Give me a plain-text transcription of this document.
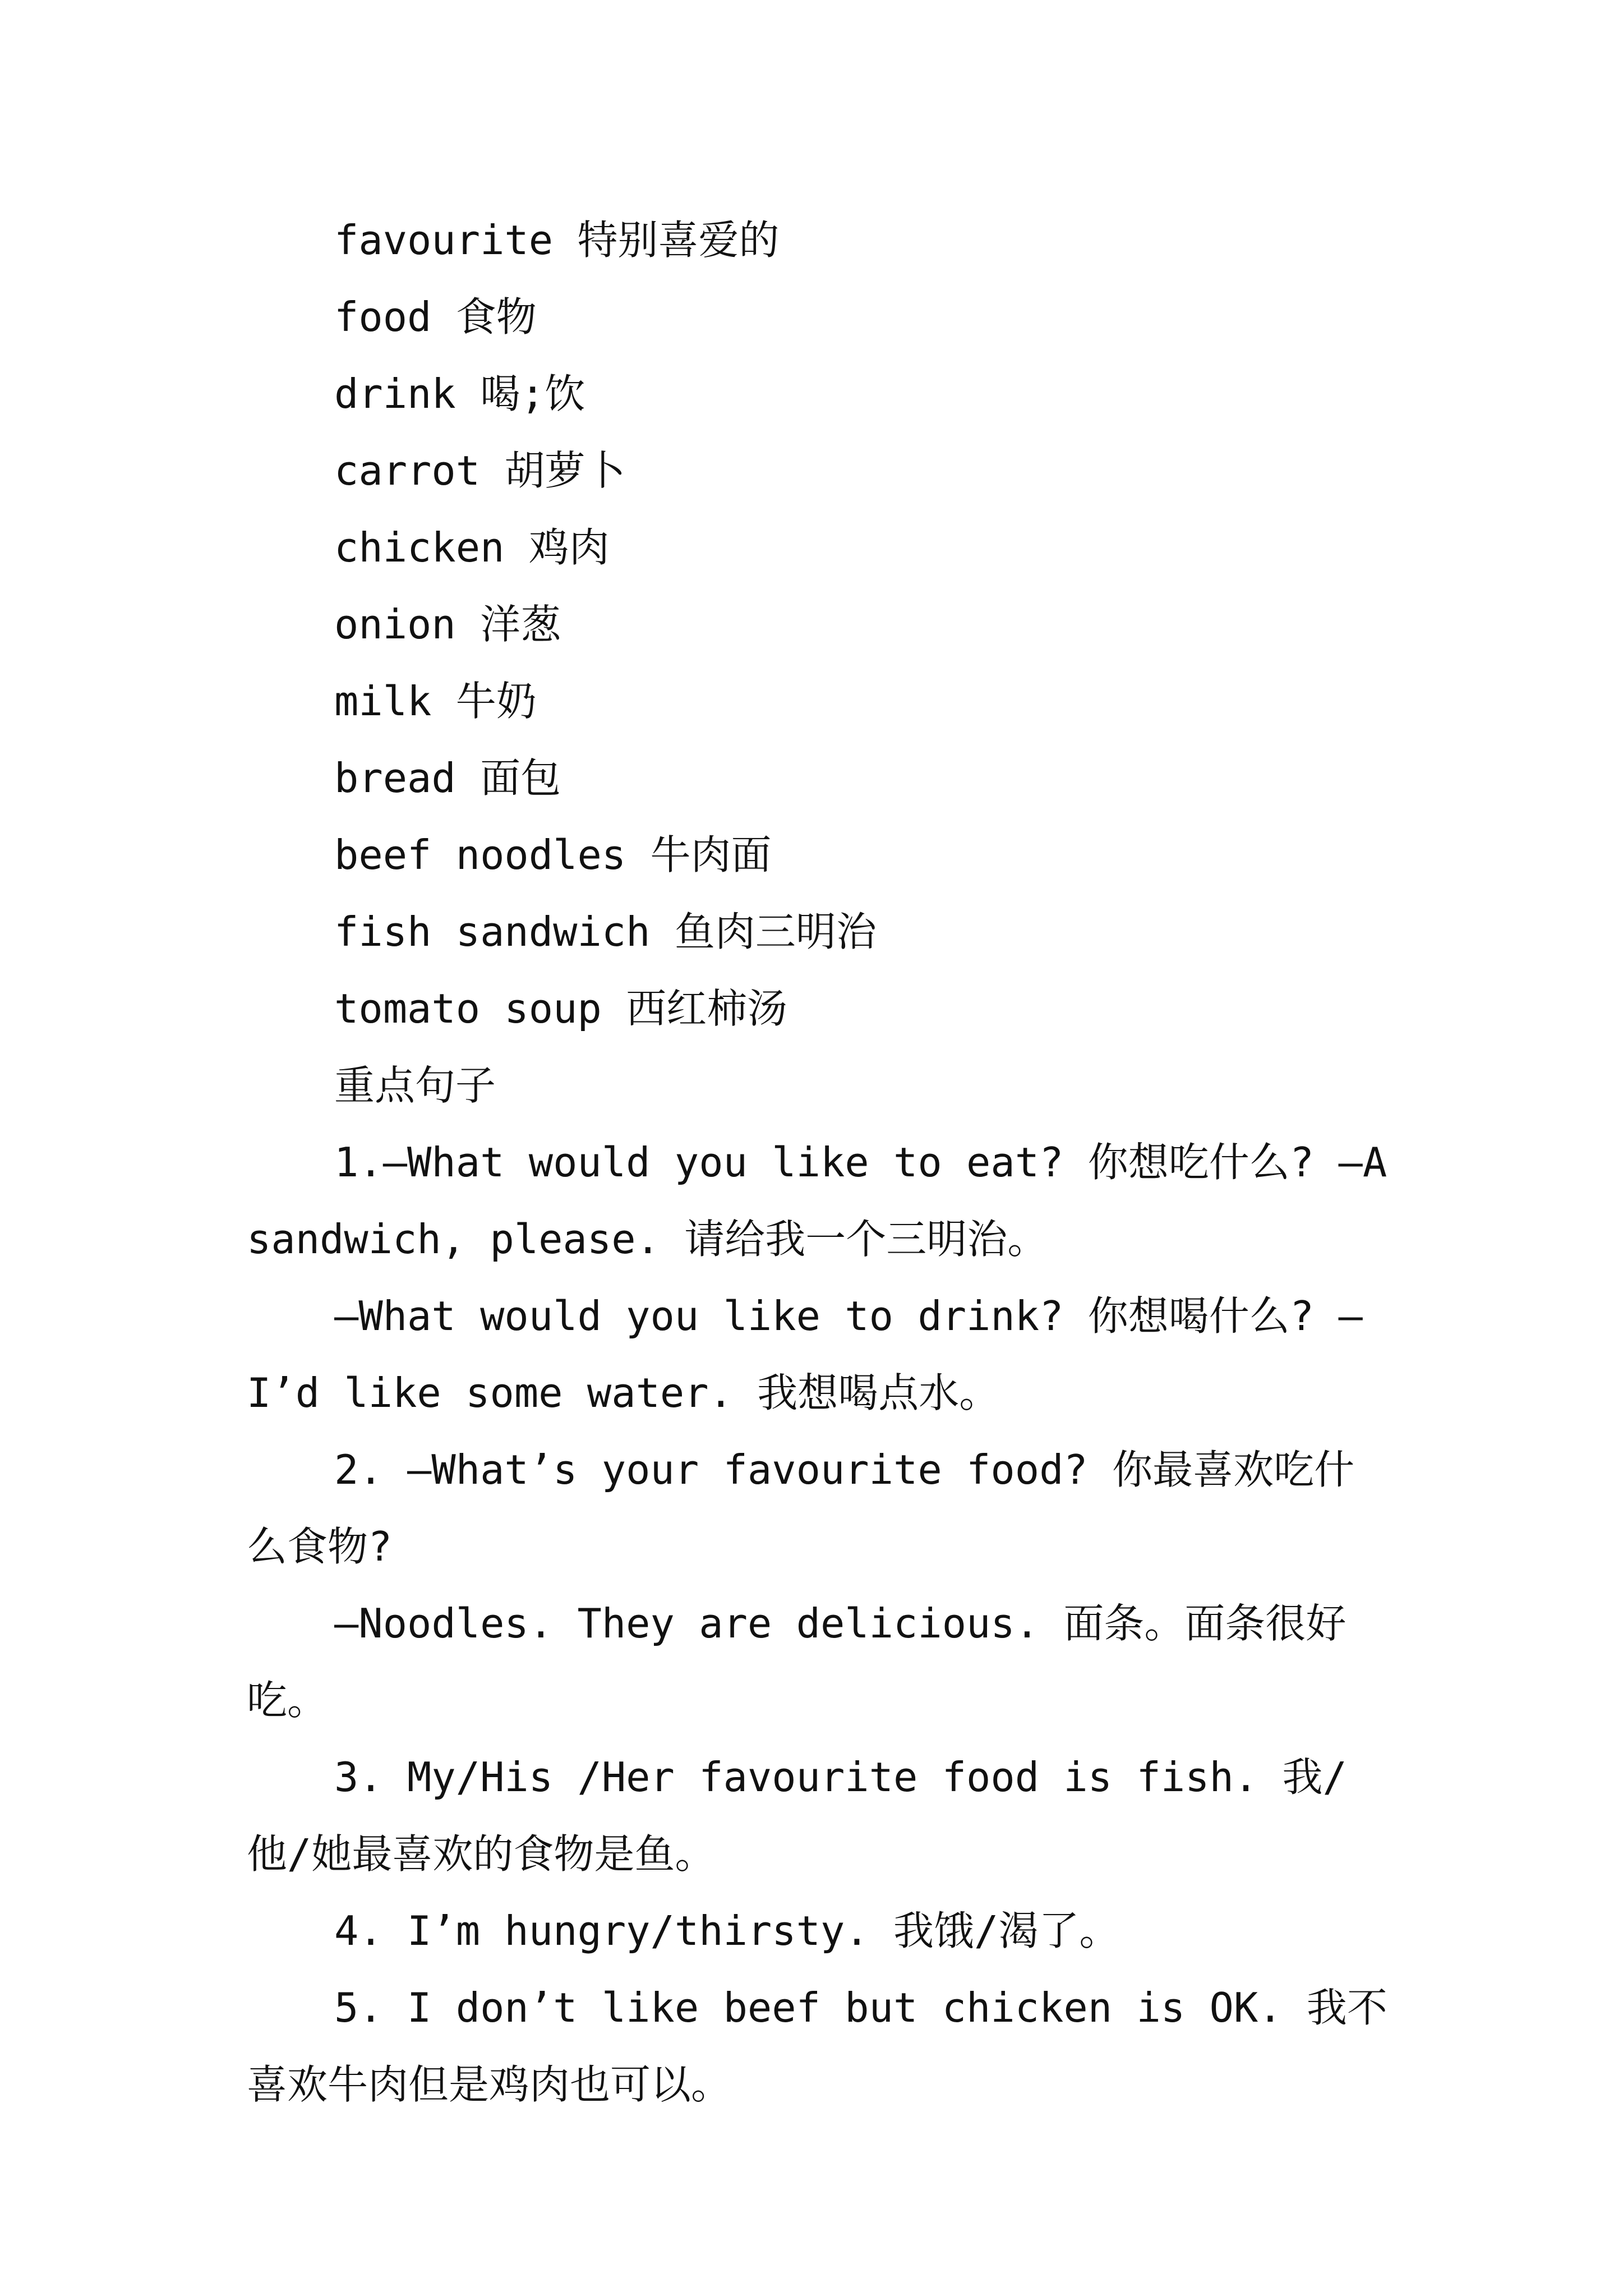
favourite 特别喜爱的

food 食物

drink 喝;饮

carrot 胡萝卜

chicken 鸡肉

onion 洋葱

milk 牛奶

bread 面包

beef noodles 牛肉面

fish sandwich 鱼肉三明治

tomato soup 西红柿汤

重点句子

1.—What would you like to eat? 你想吃什么? —A sandwich, please. 请给我一个三明治。

—What would you like to drink? 你想喝什么? —I’d like some water. 我想喝点水。

2. —What’s your favourite food? 你最喜欢吃什么食物?

—Noodles. They are delicious. 面条。面条很好吃。

3. My/His /Her favourite food is fish. 我/他/她最喜欢的食物是鱼。

4. I’m hungry/thirsty. 我饿/渴了。

5. I don’t like beef but chicken is OK. 我不喜欢牛肉但是鸡肉也可以。
